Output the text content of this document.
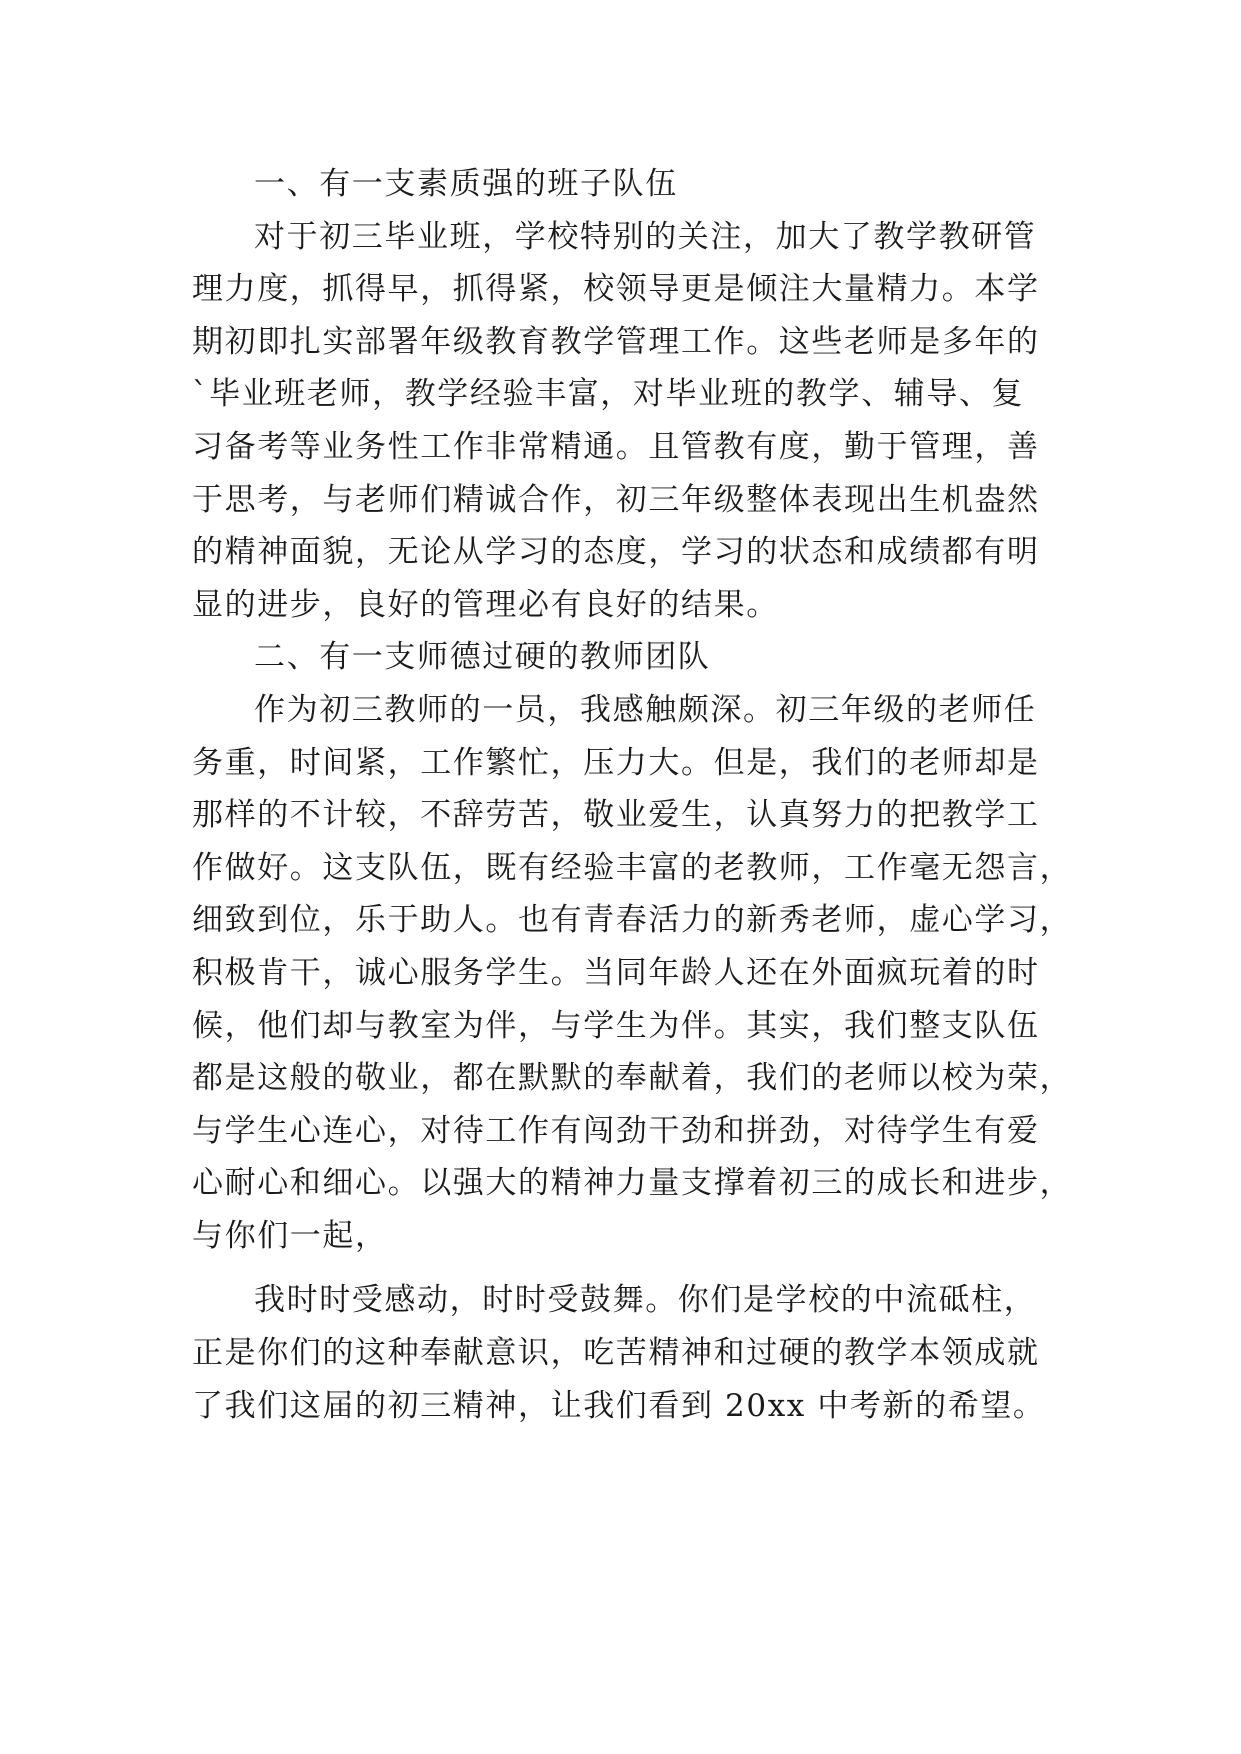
一、有一支素质强的班子队伍
对于初三毕业班，学校特别的关注，加大了教学教研管
理力度，抓得早，抓得紧，校领导更是倾注大量精力。本学
期初即扎实部署年级教育教学管理工作。这些老师是多年的
`毕业班老师，教学经验丰富，对毕业班的教学、辅导、复
习备考等业务性工作非常精通。且管教有度，勤于管理，善
于思考，与老师们精诚合作，初三年级整体表现出生机盎然
的精神面貌，无论从学习的态度，学习的状态和成绩都有明
显的进步，良好的管理必有良好的结果。
二、有一支师德过硬的教师团队
作为初三教师的一员，我感触颇深。初三年级的老师任
务重，时间紧，工作繁忙，压力大。但是，我们的老师却是
那样的不计较，不辞劳苦，敬业爱生，认真努力的把教学工
作做好。这支队伍，既有经验丰富的老教师，工作毫无怨言，
细致到位，乐于助人。也有青春活力的新秀老师，虚心学习，
积极肯干，诚心服务学生。当同年龄人还在外面疯玩着的时
候，他们却与教室为伴，与学生为伴。其实，我们整支队伍
都是这般的敬业，都在默默的奉献着，我们的老师以校为荣，
与学生心连心，对待工作有闯劲干劲和拼劲，对待学生有爱
心耐心和细心。以强大的精神力量支撑着初三的成长和进步，
与你们一起，
我时时受感动，时时受鼓舞。你们是学校的中流砥柱，
正是你们的这种奉献意识，吃苦精神和过硬的教学本领成就
了我们这届的初三精神，让我们看到 20xx 中考新的希望。
